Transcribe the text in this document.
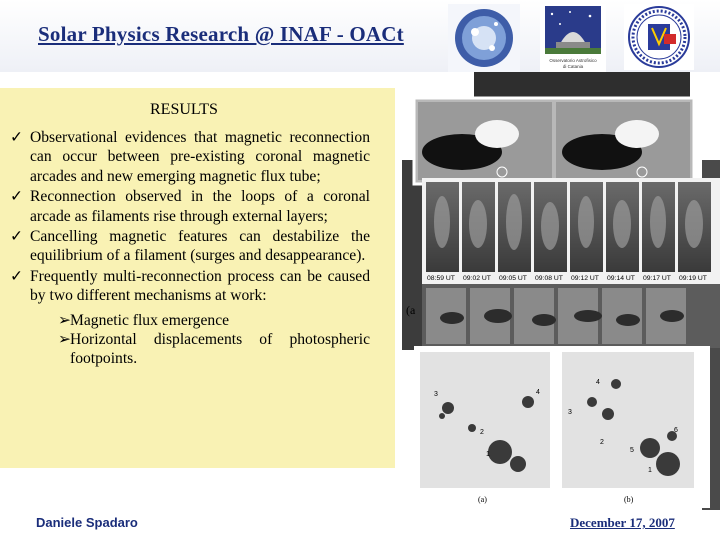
Solar Physics Research @ INAF - OACt
Osservatorio Astrofisico
di Catania
RESULTS
✓ Observational evidences that magnetic reconnection can occur between pre-existing coronal magnetic arcades and new emerging magnetic flux tube;
✓ Reconnection observed in the loops of a coronal arcade as filaments rise through external layers;
✓ Cancelling magnetic features can destabilize the equilibrium of a filament (surges and desappearance).
✓ Frequently multi-reconnection process can be caused by two different mechanisms at work:
➢
Magnetic flux emergence
➢
Horizontal displacements of photospheric footpoints.
(a
08:59 UT 09:02 UT 09:05 UT 09:08 UT 09:12 UT 09:14 UT 09:17 UT 09:19 UT
3	4
2
1
4
3
2
5
6
1
(a)	(b)
Daniele Spadaro	December 17, 2007
